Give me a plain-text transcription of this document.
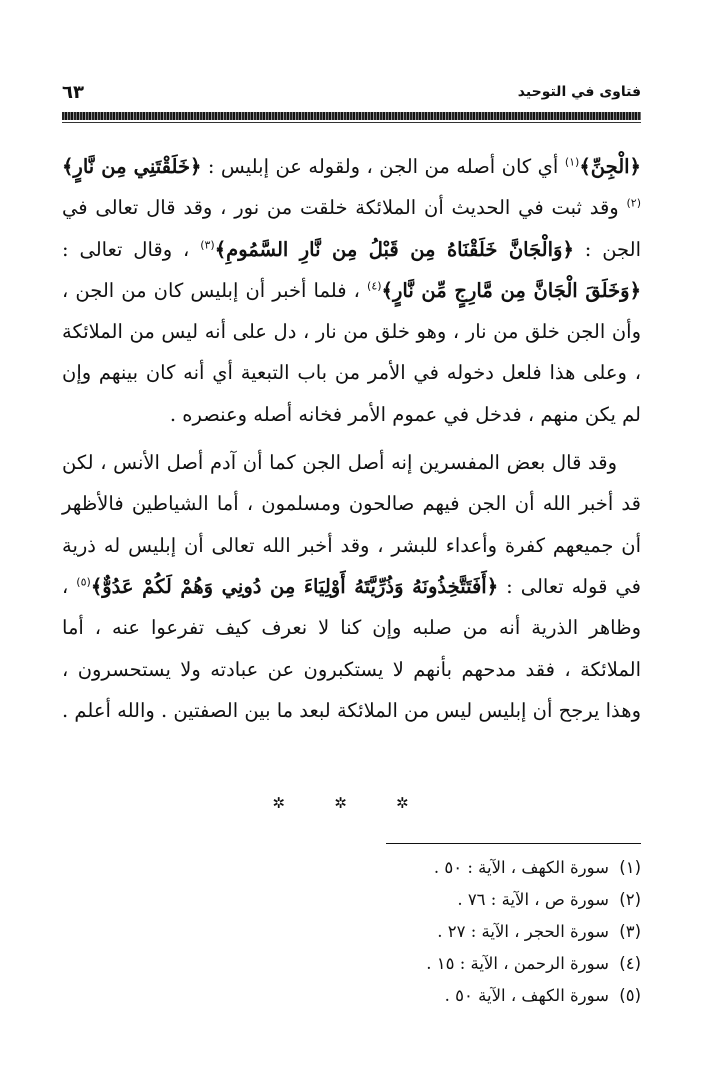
فتاوى في التوحيد
٦٣

﴿الْجِنِّ﴾$^{(١)}$ أي كان أصله من الجن ، ولقوله عن إبليس : ﴿خَلَقْتَنِي مِن نَّارٍ﴾$^{(٢)}$ وقد ثبت في الحديث أن الملائكة خلقت من نور ، وقد قال تعالى في الجن : ﴿وَالْجَانَّ خَلَقْنَاهُ مِن قَبْلُ مِن نَّارِ السَّمُومِ﴾$^{(٣)}$ ، وقال تعالى : ﴿وَخَلَقَ الْجَانَّ مِن مَّارِجٍ مِّن نَّارٍ﴾$^{(٤)}$ ، فلما أخبر أن إبليس كان من الجن ، وأن الجن خلق من نار ، وهو خلق من نار ، دل على أنه ليس من الملائكة ، وعلى هذا فلعل دخوله في الأمر من باب التبعية أي أنه كان بينهم وإن لم يكن منهم ، فدخل في عموم الأمر فخانه أصله وعنصره .

وقد قال بعض المفسرين إنه أصل الجن كما أن آدم أصل الأنس ، لكن قد أخبر الله أن الجن فيهم صالحون ومسلمون ، أما الشياطين فالأظهر أن جميعهم كفرة وأعداء للبشر ، وقد أخبر الله تعالى أن إبليس له ذرية في قوله تعالى : ﴿أَفَتَتَّخِذُونَهُ وَذُرِّيَّتَهُ أَوْلِيَاءَ مِن دُونِي وَهُمْ لَكُمْ عَدُوٌّ﴾$^{(٥)}$ ، وظاهر الذرية أنه من صلبه وإن كنا لا نعرف كيف تفرعوا عنه ، أما الملائكة ، فقد مدحهم بأنهم لا يستكبرون عن عبادته ولا يستحسرون ، وهذا يرجح أن إبليس ليس من الملائكة لبعد ما بين الصفتين . والله أعلم .

✲ ✲ ✲
(١)سورة الكهف ، الآية : ٥٠ .
(٢)سورة ص ، الآية : ٧٦ .
(٣)سورة الحجر ، الآية : ٢٧ .
(٤)سورة الرحمن ، الآية : ١٥ .
(٥)سورة الكهف ، الآية ٥٠ .
